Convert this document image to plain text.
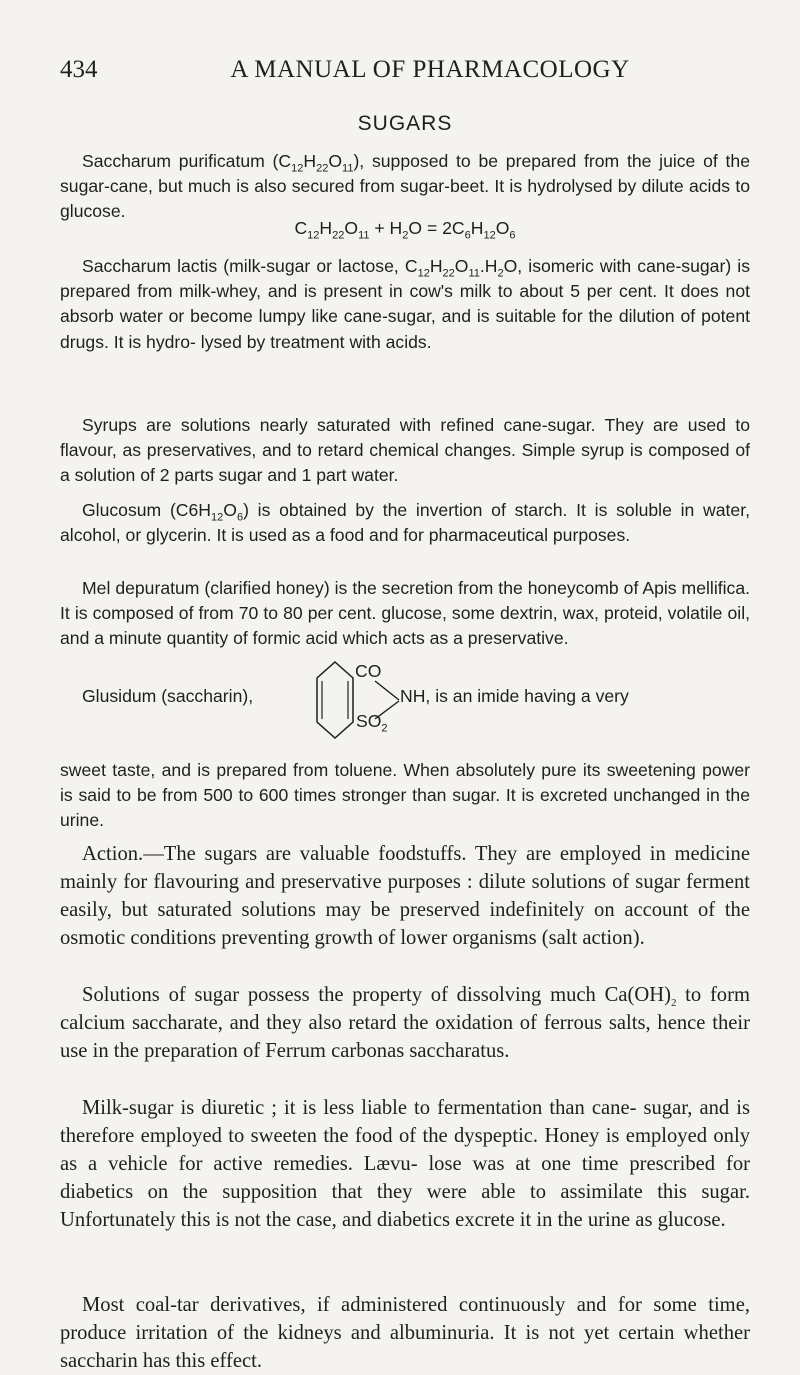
434	A MANUAL OF PHARMACOLOGY
SUGARS

Saccharum purificatum $(C_{12}H_{22}O_{11})$, supposed to be prepared from the juice of the sugar-cane, but much is also secured from sugar-beet. It is hydrolysed by dilute acids to glucose.

$C_{12}H_{22}O_{11} + H_2O = 2C_6H_{12}O_6$

Saccharum lactis (milk-sugar or lactose, $C_{12}H_{22}O_{11}.H_2O$, isomeric with cane-sugar) is prepared from milk-whey, and is present in cow's milk to about 5 per cent. It does not absorb water or become lumpy like cane-sugar, and is suitable for the dilution of potent drugs. It is hydro- lysed by treatment with acids.

Syrups are solutions nearly saturated with refined cane-sugar. They are used to flavour, as preservatives, and to retard chemical changes. Simple syrup is composed of a solution of 2 parts sugar and 1 part water.

Glucosum $(C6H_{12}O_6)$ is obtained by the invertion of starch. It is soluble in water, alcohol, or glycerin. It is used as a food and for pharmaceutical purposes.

Mel depuratum (clarified honey) is the secretion from the honeycomb of Apis mellifica. It is composed of from 70 to 80 per cent. glucose, some dextrin, wax, proteid, volatile oil, and a minute quantity of formic acid which acts as a preservative.

Glusidum (saccharin),
CO
$SO_2$
NH, is an imide having a very

sweet taste, and is prepared from toluene. When absolutely pure its sweetening power is said to be from 500 to 600 times stronger than sugar. It is excreted unchanged in the urine.

Action.—The sugars are valuable foodstuffs. They are employed in medicine mainly for flavouring and preservative purposes : dilute solutions of sugar ferment easily, but saturated solutions may be preserved indefinitely on account of the osmotic conditions preventing growth of lower organisms (salt action).

Solutions of sugar possess the property of dissolving much $Ca(OH)_2$ to form calcium saccharate, and they also retard the oxidation of ferrous salts, hence their use in the preparation of Ferrum carbonas saccharatus.

Milk-sugar is diuretic ; it is less liable to fermentation than cane- sugar, and is therefore employed to sweeten the food of the dyspeptic. Honey is employed only as a vehicle for active remedies. Lævu- lose was at one time prescribed for diabetics on the supposition that they were able to assimilate this sugar. Unfortunately this is not the case, and diabetics excrete it in the urine as glucose.

Most coal-tar derivatives, if administered continuously and for some time, produce irritation of the kidneys and albuminuria. It is not yet certain whether saccharin has this effect.
